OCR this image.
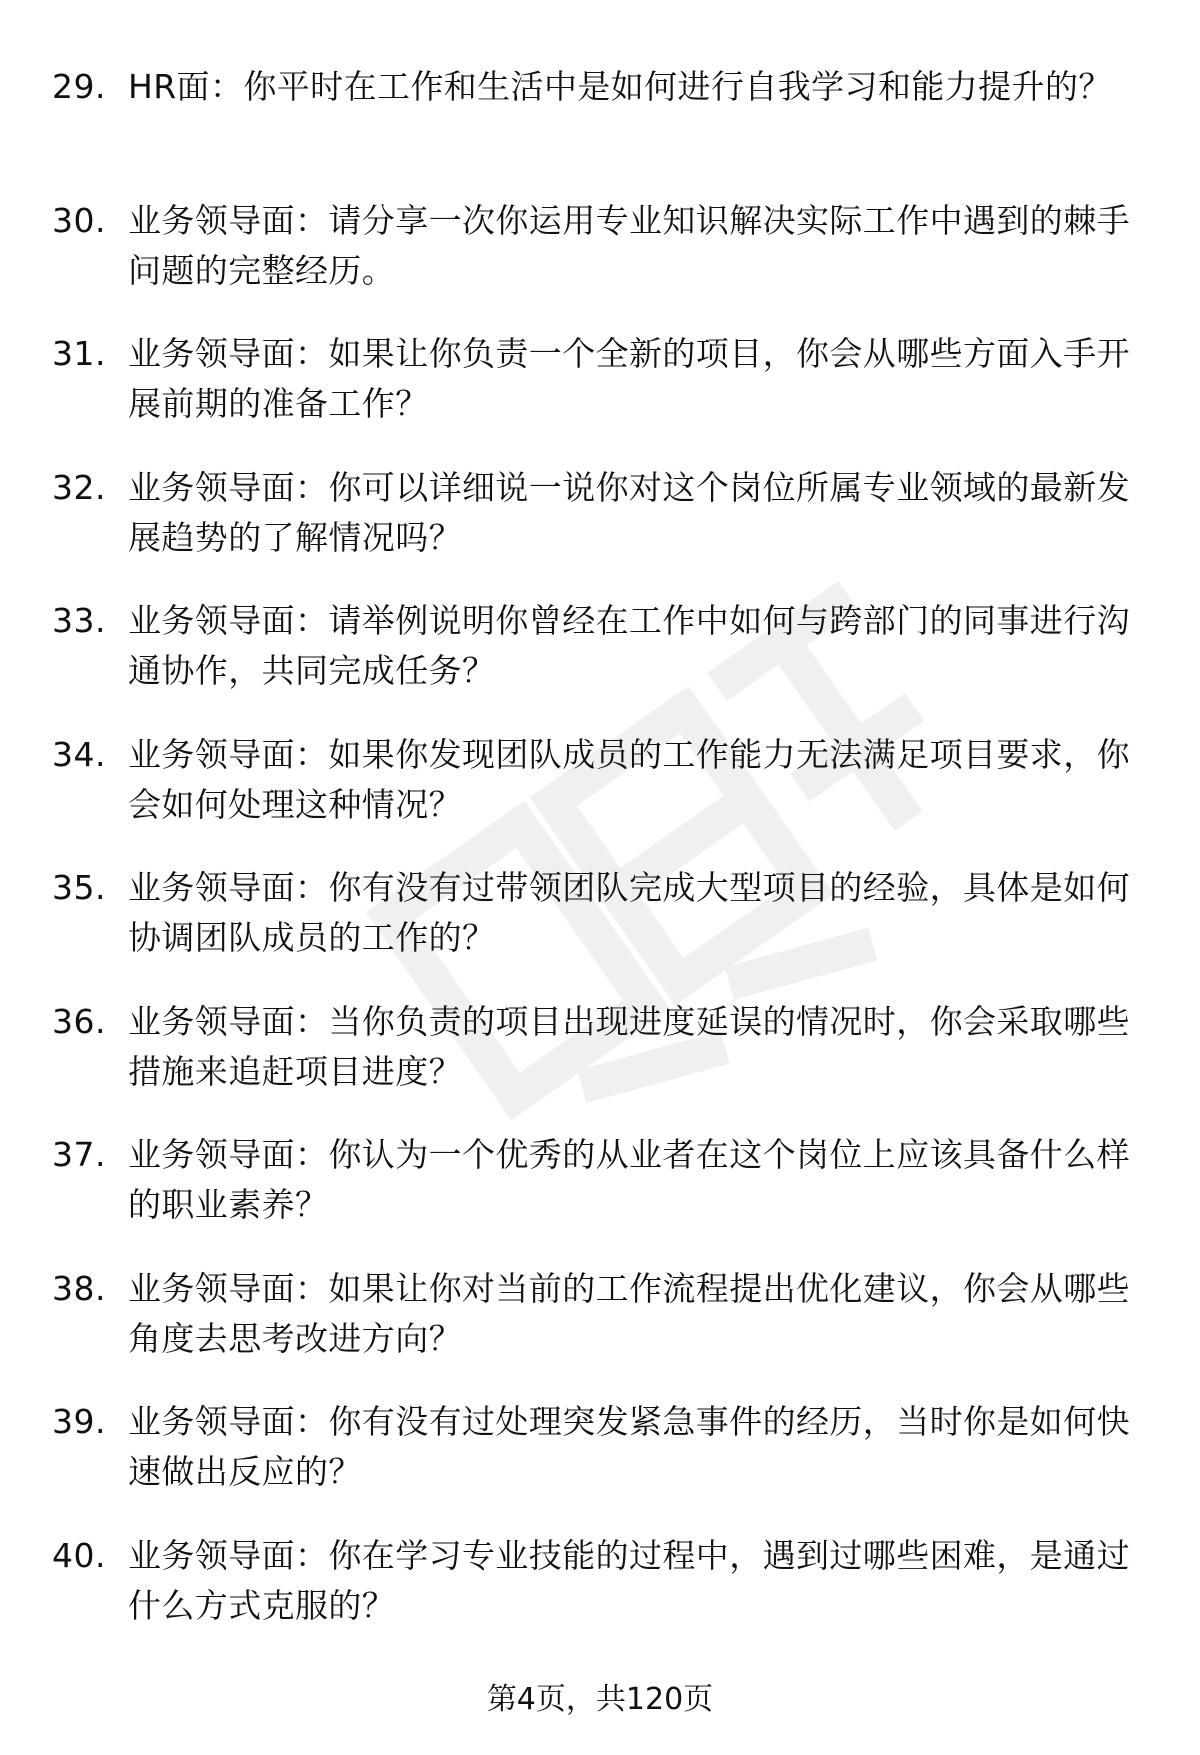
29. HR面：你平时在工作和生活中是如何进行自我学习和能力提升的？
30. 业务领导面：请分享一次你运用专业知识解决实际工作中遇到的棘手问题的完整经历。
31. 业务领导面：如果让你负责一个全新的项目，你会从哪些方面入手开展前期的准备工作？
32. 业务领导面：你可以详细说一说你对这个岗位所属专业领域的最新发展趋势的了解情况吗？
33. 业务领导面：请举例说明你曾经在工作中如何与跨部门的同事进行沟通协作，共同完成任务？
34. 业务领导面：如果你发现团队成员的工作能力无法满足项目要求，你会如何处理这种情况？
35. 业务领导面：你有没有过带领团队完成大型项目的经验，具体是如何协调团队成员的工作的？
36. 业务领导面：当你负责的项目出现进度延误的情况时，你会采取哪些措施来追赶项目进度？
37. 业务领导面：你认为一个优秀的从业者在这个岗位上应该具备什么样的职业素养？
38. 业务领导面：如果让你对当前的工作流程提出优化建议，你会从哪些角度去思考改进方向？
39. 业务领导面：你有没有过处理突发紧急事件的经历，当时你是如何快速做出反应的？
40. 业务领导面：你在学习专业技能的过程中，遇到过哪些困难，是通过什么方式克服的？
第4页，共120页
